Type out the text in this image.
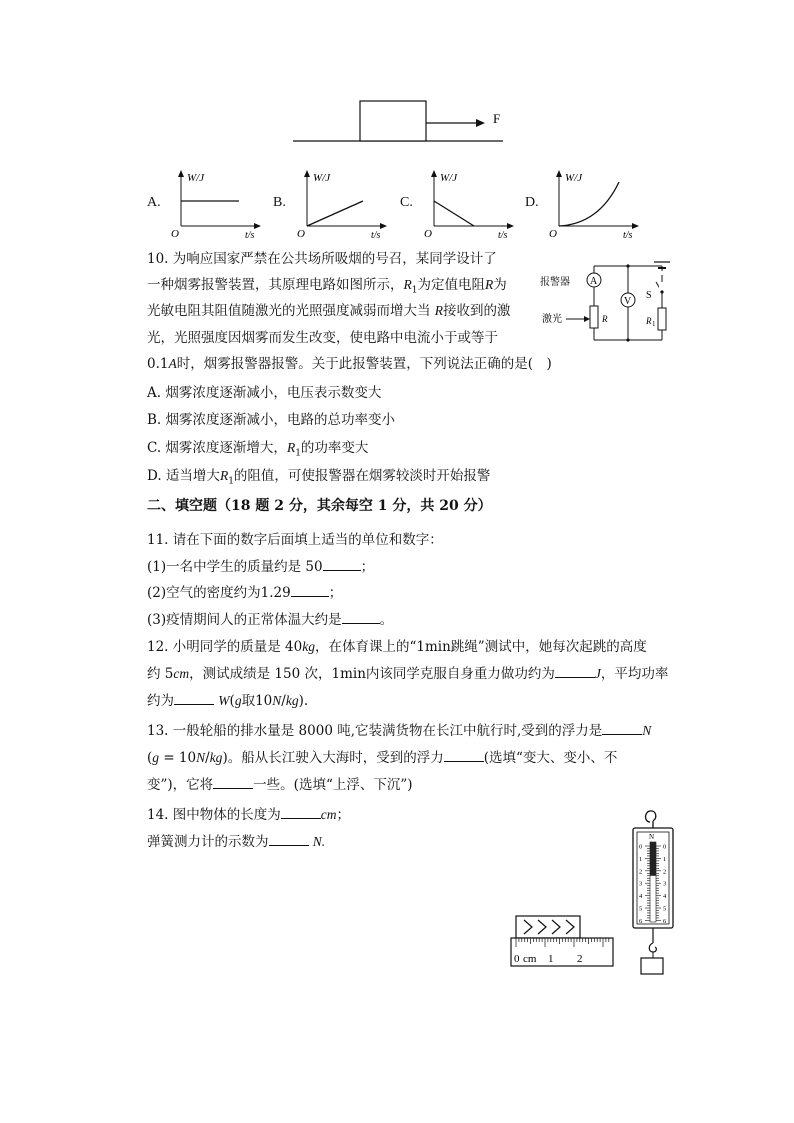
F
A.
W/J
t/s
O
B.
W/J
t/s
O
C.
W/J
t/s
O
D.
W/J
t/s
O
10. 为响应国家严禁在公共场所吸烟的号召，某同学设计了
一种烟雾报警装置，其原理电路如图所示，$R_1$为定值电阻R为
光敏电阻其阻值随激光的光照强度减弱而增大当 R接收到的激
光，光照强度因烟雾而发生改变，使电路中电流小于或等于
0.1A时，烟雾报警器报警。关于此报警装置，下列说法正确的是(　)
A. 烟雾浓度逐渐减小，电压表示数变大
B. 烟雾浓度逐渐减小，电路的总功率变小
C. 烟雾浓度逐渐增大，$R_1$的功率变大
D. 适当增大$R_1$的阻值，可使报警器在烟雾较淡时开始报警
报警器
激光
A
R
V
S
R 1
二、填空题（18 题 2 分，其余每空 1 分，共 20 分）
11. 请在下面的数字后面填上适当的单位和数字：
(1)一名中学生的质量约是 50	；
(2)空气的密度约为1.29	；
(3)疫情期间人的正常体温大约是	。
12. 小明同学的质量是 40kg，在体育课上的“1min跳绳”测试中，她每次起跳的高度
约 5cm，测试成绩是 150 次，1min内该同学克服自身重力做功约为	J，平均功率
约为	W(g取10N/kg).
13. 一般轮船的排水量是 8000 吨,它装满货物在长江中航行时,受到的浮力是	N
(g = 10N/kg)。船从长江驶入大海时，受到的浮力	(选填“变大、变小、不
变”)，它将	一些。(选填“上浮、下沉”)
14. 图中物体的长度为	cm；
弹簧测力计的示数为	N.
0 cm 1 2
N
0	0
1	1
2	2
3	3
4	4
5	5
6	6
